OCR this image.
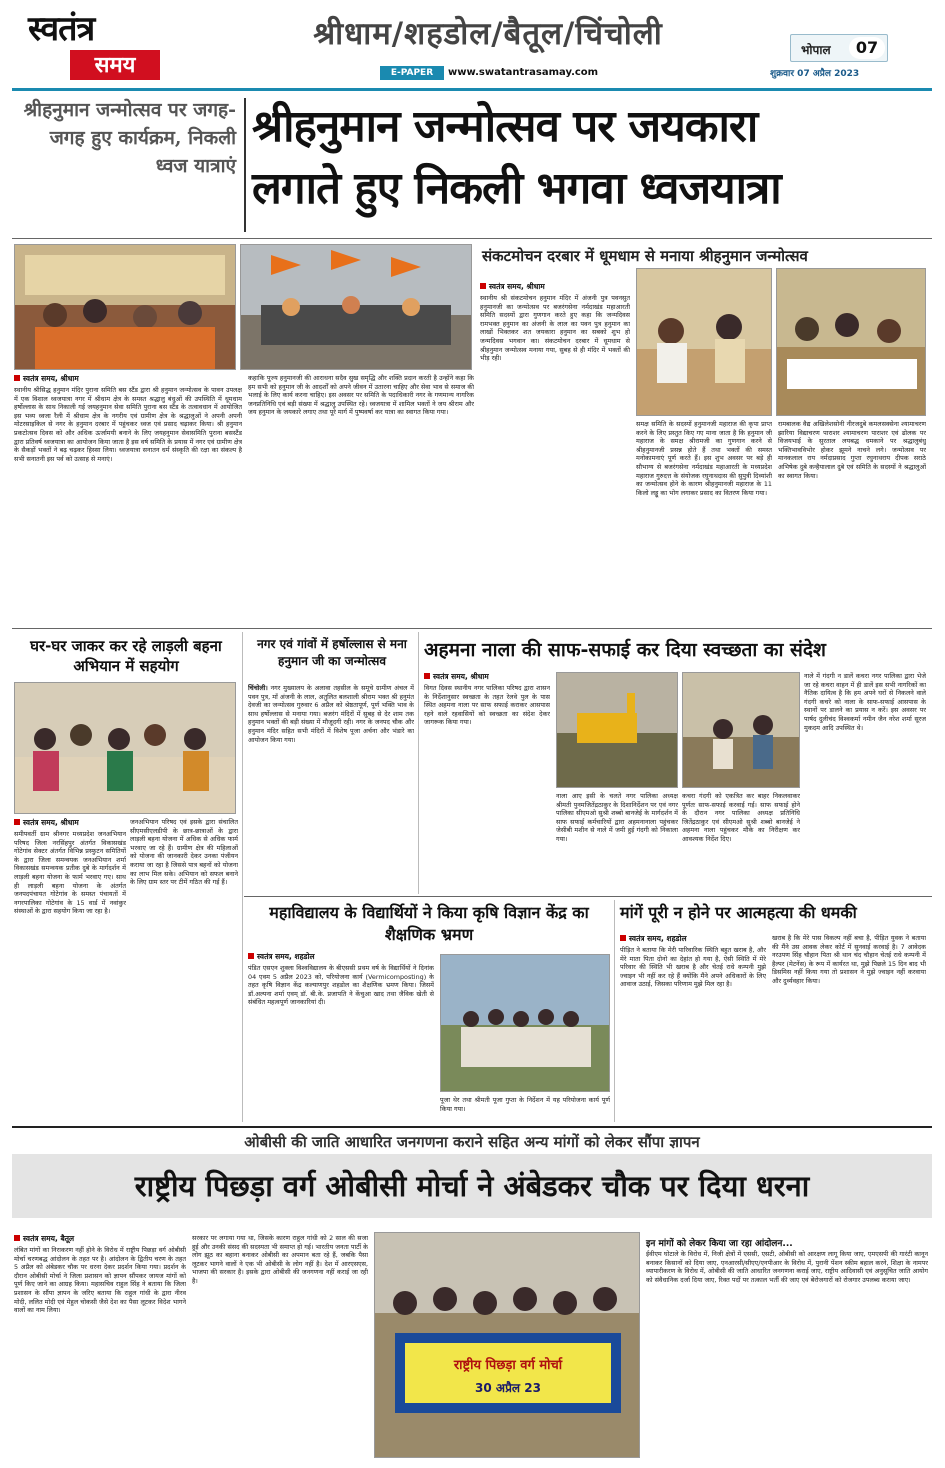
स्वतंत्र
समय
श्रीधाम/शहडोल/बैतूल/चिंचोली
E-PAPER	www.swatantrasamay.com
भोपाल	07
शुक्रवार 07 अप्रैल 2023
श्रीहनुमान जन्मोत्सव पर जगह-जगह हुए कार्यक्रम, निकली ध्वज यात्राएं
श्रीहनुमान जन्मोत्सव पर जयकारा
लगाते हुए निकली भगवा ध्वजयात्रा
संकटमोचन दरबार में धूमधाम से मनाया श्रीहनुमान जन्मोत्सव
स्वतंत्र समय, श्रीधाम
स्थानीय श्रीसिद्ध हनुमान मंदिर पुराना समिति बस स्टैंड द्वारा श्री हनुमान जन्मोत्सव के पावन उपलक्ष में एक विशाल ध्वजयात्रा नगर में श्रीधाम क्षेत्र के समस्त श्रद्धालु बंधुओं की उपस्थिति में धूमधाम हर्षोल्लास के साथ निकाली गई जयहनुमान सेवा समिति पुराना बस स्टैंड के तत्वावधान में आयोजित इस भव्य ध्वजा रैली में श्रीधाम क्षेत्र के नगरीय एवं ग्रामीण क्षेत्र के श्रद्धालुओं ने अपनी अपनी मोटरसाइकिल से नगर के हनुमान दरबार में पहुंचकर ध्वज एवं प्रसाद चढ़ाकर किया। श्री हनुमान प्रकटोत्सव दिवस को और अधिक ऊर्जामयी बनाने के लिए जयहनुमान सेवासमिति पुराना बसस्टैंड द्वारा प्रतिवर्ष ध्वजयात्रा का आयोजन किया जाता है इस वर्ष समिति के प्रयास में नगर एवं ग्रामीण क्षेत्र के सैकड़ों भक्तों ने बढ़ चढ़कर हिस्सा लिया। ध्वजयात्रा सनातन धर्म संस्कृति की रक्षा का संकल्प है सभी सनातनी इस पर्व को उत्साह से मनाएं।
कहाकि पूज्य हनुमानजी की आराधना सदैव सुख समृद्धि और शक्ति प्रदान करती है उन्होंने कहा कि हम सभी को हनुमान जी के आदर्शों को अपने जीवन में उतारना चाहिए और सेवा भाव से समाज की भलाई के लिए कार्य करना चाहिए। इस अवसर पर समिति के पदाधिकारी नगर के गणमान्य नागरिक जनप्रतिनिधि एवं बड़ी संख्या में श्रद्धालु उपस्थित रहे। ध्वजयात्रा में शामिल भक्तों ने जय श्रीराम और जय हनुमान के जयकारे लगाए तथा पूरे मार्ग में पुष्पवर्षा कर यात्रा का स्वागत किया गया।
स्वतंत्र समय, श्रीधाम
स्थानीय श्री संकटमोचन हनुमान मंदिर में अंजनी पुत्र पवनसुत हनुमानजी का जन्मोत्सव पर बजरंगसेना नर्मदाखंड महाआरती समिति सदस्यों द्वारा गुणगान करते हुए कहा कि जन्मदिवस रामभक्त हनुमान का अंजनी के लाल का पवन पुत्र हनुमान का लाखों भिक्तकर शत जयकारा हनुमान का सबको शुभ हो जन्मदिवस भगवान का। संकटमोचन दरबार में धूमधाम से श्रीहनुमान जन्मोत्सव मनाया गया, सुबह से ही मंदिर में भक्तों की भीड़ रही।
समक्ष समिति के सदस्यों हनुमानजी महाराज की कृपा प्राप्त करने के लिए प्रस्तुत किए गए माना जाता है कि हनुमान जी महाराज के समक्ष श्रीरामजी का गुणगान करने से श्रीहनुमानजी प्रसन्न होते हैं तथा भक्तों की समस्त मनोकामनाएं पूर्ण करते हैं। इस शुभ अवसर पर बड़े ही सौभाग्य से बजरंगसेना नर्मदाखंड महाआरती के मध्यप्रदेश महाराज गुरुदत्त के संयोजक रघुनाथदास की सुपुत्री दिव्यांशी का जन्मोत्सव होने के कारण श्रीहनुमानजी महाराज के 11 किलो लड्डू का भोग लगाकर प्रसाद का वितरण किया गया।
रामबालक वैद्य अखिलेशसोनी नीरजदुबे कमलसक्सेना श्यामाचरण झारिया विद्याचरण पाराशर श्यामाचरण पाराशर एवं ढोलक पर विजयभाई के सुरताल लयबद्ध धमकाने पर श्रद्धालुबंधु भक्तिभावविभोर होकर झूमने नाचने लगे। जन्मोत्सव पर मानकलाल राय नर्मदाप्रसाद गुप्ता रघुनाथराय दीपक सराठे अभिषेक दुबे कन्हैयालाल दुबे एवं समिति के सदस्यों ने श्रद्धालुओं का स्वागत किया।
घर-घर जाकर कर रहे लाड़ली बहना अभियान में सहयोग
स्वतंत्र समय, श्रीधाम
समीपवर्ती ग्राम श्रीनगर मध्यप्रदेश जनअभियान परिषद जिला नरसिंहपुर अंतर्गत विकासखंड गोटेगांव सेक्टर अंतर्गत विभिन्न प्रस्फुटन समितियों के द्वारा जिला समन्वयक जनअभियान शर्मा विकासखंड समन्वयक प्रतीक दुबे के मार्गदर्शन में लाड़ली बहना योजना के फार्म भरवाए गए। साथ ही लाड़ली बहना योजना के अंतर्गत जनपदपंचायत गोटेगांव के समस्त पंचायतों में नगरपालिका गोटेगांव के 15 वार्ड में नवांकुर संस्थाओं के द्वारा सहयोग किया जा रहा है।
जनअभियान परिषद एवं इसके द्वारा संचालित सीएमसीएलडीपी के छात्र-छात्राओं के द्वारा लाड़ली बहना योजना में अधिक से अधिक फार्म भरवाए जा रहे हैं। ग्रामीण क्षेत्र की महिलाओं को योजना की जानकारी देकर उनका पंजीयन कराया जा रहा है जिससे पात्र बहनों को योजना का लाभ मिल सके। अभियान को सफल बनाने के लिए ग्राम स्तर पर टीमें गठित की गई हैं।
नगर एवं गांवों में हर्षोल्लास से मना हनुमान जी का जन्मोत्सव
चिंचोली। नगर मुख्यालय के अलावा तहसील के समूचे ग्रामीण अंचल में पवन पुत्र, माँ अंजनी के लाल, अतुलित बलशाली श्रीराम भक्त श्री हनुमंत देवजी का जन्मोत्सव गुरुवार 6 अप्रैल को श्रेष्ठतापूर्ण, पूर्ण भक्ति भाव के साथ हर्षोल्लास से मनाया गया। बजरंग मंदिरों में सुबह से देर शाम तक हनुमान भक्तों की बड़ी संख्या में मौजूदगी रही। नगर के जनपद चौक और हनुमान मंदिर सहित सभी मंदिरों में विशेष पूजा अर्चना और भंडारे का आयोजन किया गया।
अहमना नाला की साफ-सफाई कर दिया स्वच्छता का संदेश
स्वतंत्र समय, श्रीधाम
विगत दिवस स्थानीय नगर पालिका परिषद द्वारा शासन के निर्देशानुसार स्वच्छता के तहत रेलवे पुल के पास स्थित अहमना नाला पर साफ सफाई कराकर आसपास रहने वाले रहवासियों को स्वच्छता का संदेश देकर जागरूक किया गया।
नाला आए इसी के चलते नगर पालिका अध्यक्ष श्रीमती पुनमजितेंद्रठाकुर के दिशानिर्देशन पर एवं नगर पालिका सीएमओ सुश्री शब्बो बानजेई के मार्गदर्शन में साफ सफाई कर्मचारियों द्वारा अहमनानाला पहुंचकर जेसीबी मशीन से नाले में जमी हुई गंदगी को निकाला गया।
कचरा गंदगी को एकत्रित कर बाहर निकलवाकर पूर्णतः साफ-सफाई करवाई गई। साफ सफाई होने के दौरान नगर पालिका अध्यक्ष प्रतिनिधि जितेंद्रठाकुर एवं सीएमओ सुश्री शब्बो बानजेई ने अहमना नाला पहुंचकर मौके का निरीक्षण कर आवश्यक निर्देश दिए।
नाले में गंदगी न डालें कचरा नगर पालिका द्वारा भेजे जा रहे कचरा वाहन में ही डालें इस सभी नागरिकों का नैतिक दायित्व है कि हम अपने घरों से निकलने वाले गंदगी कचरे को नाला के साफ-सफाई आसपास के स्थानों पर डालने का प्रयास न करें। इस अवसर पर पार्षद दुलीचंद विश्वकर्मा नमीन जैन नरेश शर्मा सूरज मुकदम आदि उपस्थित थे।
महाविद्यालय के विद्यार्थियों ने किया कृषि विज्ञान केंद्र का शैक्षणिक भ्रमण
स्वतंत्र समय, शहडोल
पंडित एसएन शुक्ला विश्वविद्यालय के बीएससी प्रथम वर्ष के विद्यार्थियों ने दिनांक 04 एवम 5 अप्रैल 2023 को, परियोजना कार्य (Vermicomposting) के तहत कृषि विज्ञान केंद्र कल्याणपुर शहडोल का शैक्षणिक भ्रमण किया। जिसमें डॉ.अल्पना शर्मा एवम् डॉ. बी.के. प्रजापति ने केंचुआ खाद तथा जैविक खेती से संबंधित महत्वपूर्ण जानकारियां दी।
पूजा थेर तथा श्रीमती पूजा गुप्ता के निर्देशन में यह परियोजना कार्य पूर्ण किया गया।
मांगें पूरी न होने पर आत्महत्या की धमकी
स्वतंत्र समय, शहडोल
पीड़ित ने बताया कि मेरी पारिवारिक स्थिति बहुत खराब है, और मेरे माता पिता दोनो का देहांत हो गया है, ऐसी स्थिति में मेरे परिवार की स्थिति भी खराब है और चेतई राधे कम्पनी मुझे ज्वाइन भी नहीं कर रहे हैं क्योंकि मैंने अपने अधिकारों के लिए आवाज उठाई, जिसका परिणाम मुझे मिल रहा है।
खराब है कि मेरे पास विकल्प नहीं बचा है, पीड़ित युवक ने बताया की मैंने उस आवक लेकर कोर्ट में सुनवाई करवाई है। 7 आवेदक नरउपण सिंह चौहान पिता श्री थान चंद चौहान चेतई राधे कम्पनी में हैल्पर (मेटनेंस) के रूप में कार्यरत था, मुझे पिछले 15 दिन बाद भी डिसमिस नहीं किया गया तो प्रशासन ने मुझे ज्वाइन नहीं करवाया और दुर्व्यवहार किया।
ओबीसी की जाति आधारित जनगणना कराने सहित अन्य मांगों को लेकर सौंपा ज्ञापन
राष्ट्रीय पिछड़ा वर्ग ओबीसी मोर्चा ने अंबेडकर चौक पर दिया धरना
स्वतंत्र समय, बैतूल
लंबित मांगों का निराकरण नहीं होने के विरोध में राष्ट्रीय पिछड़ा वर्ग ओबीसी मोर्चा चरणबद्ध आंदोलन के तहत पर है। आंदोलन के द्वितीय चरण के तहत 5 अप्रैल को अंबेडकर चौक पर धरना देकर प्रदर्शन किया गया। प्रदर्शन के दौरान ओबीसी मोर्चा ने जिला प्रशासन को ज्ञापन सौंपकर जायज मांगों को पूर्ण किए जाने का आग्रह किया। महासचिव राहुल सिंह ने बताया कि जिला प्रशासन के सौंपा ज्ञापन के जरिए बताया कि राहुल गांधी के द्वारा नीरव मोदी, ललित मोदी एवं मेहुल चोकसी जैसे देश का पैसा लूटकर विदेश भागने वालों का नाम लिया।
सरकार पर लगाया गया था, जिसके कारण राहुल गांधी को 2 साल की सजा हुई और उनकी संसद की सदस्यता भी समाप्त हो गई। भारतीय जनता पार्टी के लोग झूठ का बहाना बनाकर ओबीसी का अपमान बता रहे हैं, जबकि पैसा लूटकर भागने वालों ने एक भी ओबीसी के लोग नहीं है। देश में आरएसएस, भाजपा की सरकार है। इसके द्वारा ओबीसी की जनगणना नहीं कराई जा रही है।
राष्ट्रीय पिछड़ा वर्ग मोर्चा
30 अप्रैल 23
इन मांगों को लेकर किया जा रहा आंदोलन...
ईवीएम घोटाले के विरोध में, निजी क्षेत्रों में एससी, एसटी, ओबीसी को आरक्षण लागू किया जाए, एमएसपी की गारंटी कानून बनाकर किसानों को दिया जाए, एनआरसी/सीएए/एनपीआर के विरोध में, पुरानी पेंशन स्कीम बहाल करने, शिक्षा के नामपर व्यापारीकरण के विरोध में, ओबीसी की जाति आधारित जनगणना कराई जाए, राष्ट्रीय आदिवासी एवं अनुसूचित जाति आयोग को संवैधानिक दर्जा दिया जाए, रिक्त पदों पर तत्काल भर्ती की जाए एवं बेरोजगारों को रोजगार उपलब्ध कराया जाए।
